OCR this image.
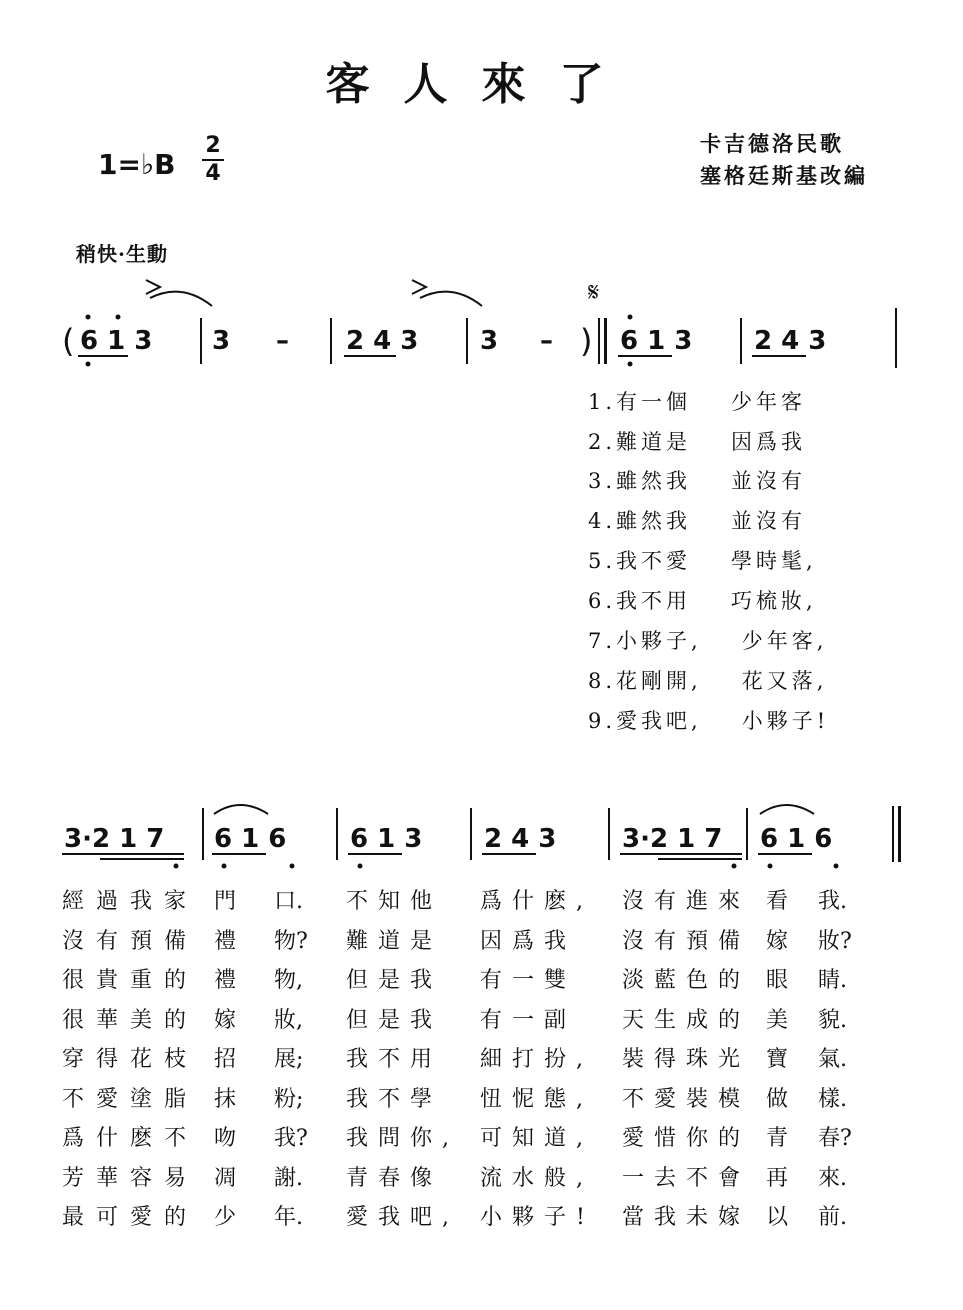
客人來了
1=♭B
2
4
卡吉德洛民歌
塞格廷斯基改編
稍快·生動
( 6 1 3 3 – 2 4 3 3 – )
𝄋
6 1 3 2 4 3
1.有一個 少年客
2.難道是 因爲我
3.雖然我 並沒有
4.雖然我 並沒有
5.我不愛 學時髦,
6.我不用 巧梳妝,
7.小夥子, 少年客,
8.花剛開, 花又落,
9.愛我吧, 小夥子!
3·2 1 7 6 1 6 6 1 3 2 4 3	3·2 1 7 6 1 6
經過我家 門 口. 不知他 爲什麽, 沒有進來 看 我.
沒有預備 禮 物? 難道是 因爲我 沒有預備 嫁 妝?
很貴重的 禮 物, 但是我 有一雙 淡藍色的 眼 睛.
很華美的 嫁 妝, 但是我 有一副 天生成的 美 貌.
穿得花枝 招 展; 我不用 細打扮, 裝得珠光 寶 氣.
不愛塗脂 抹 粉; 我不學 忸怩態, 不愛裝模 做 樣.
爲什麽不 吻 我? 我問你, 可知道, 愛惜你的 青 春?
芳華容易 凋 謝. 青春像 流水般, 一去不會 再 來.
最可愛的 少 年. 愛我吧, 小夥子! 當我未嫁 以 前.
